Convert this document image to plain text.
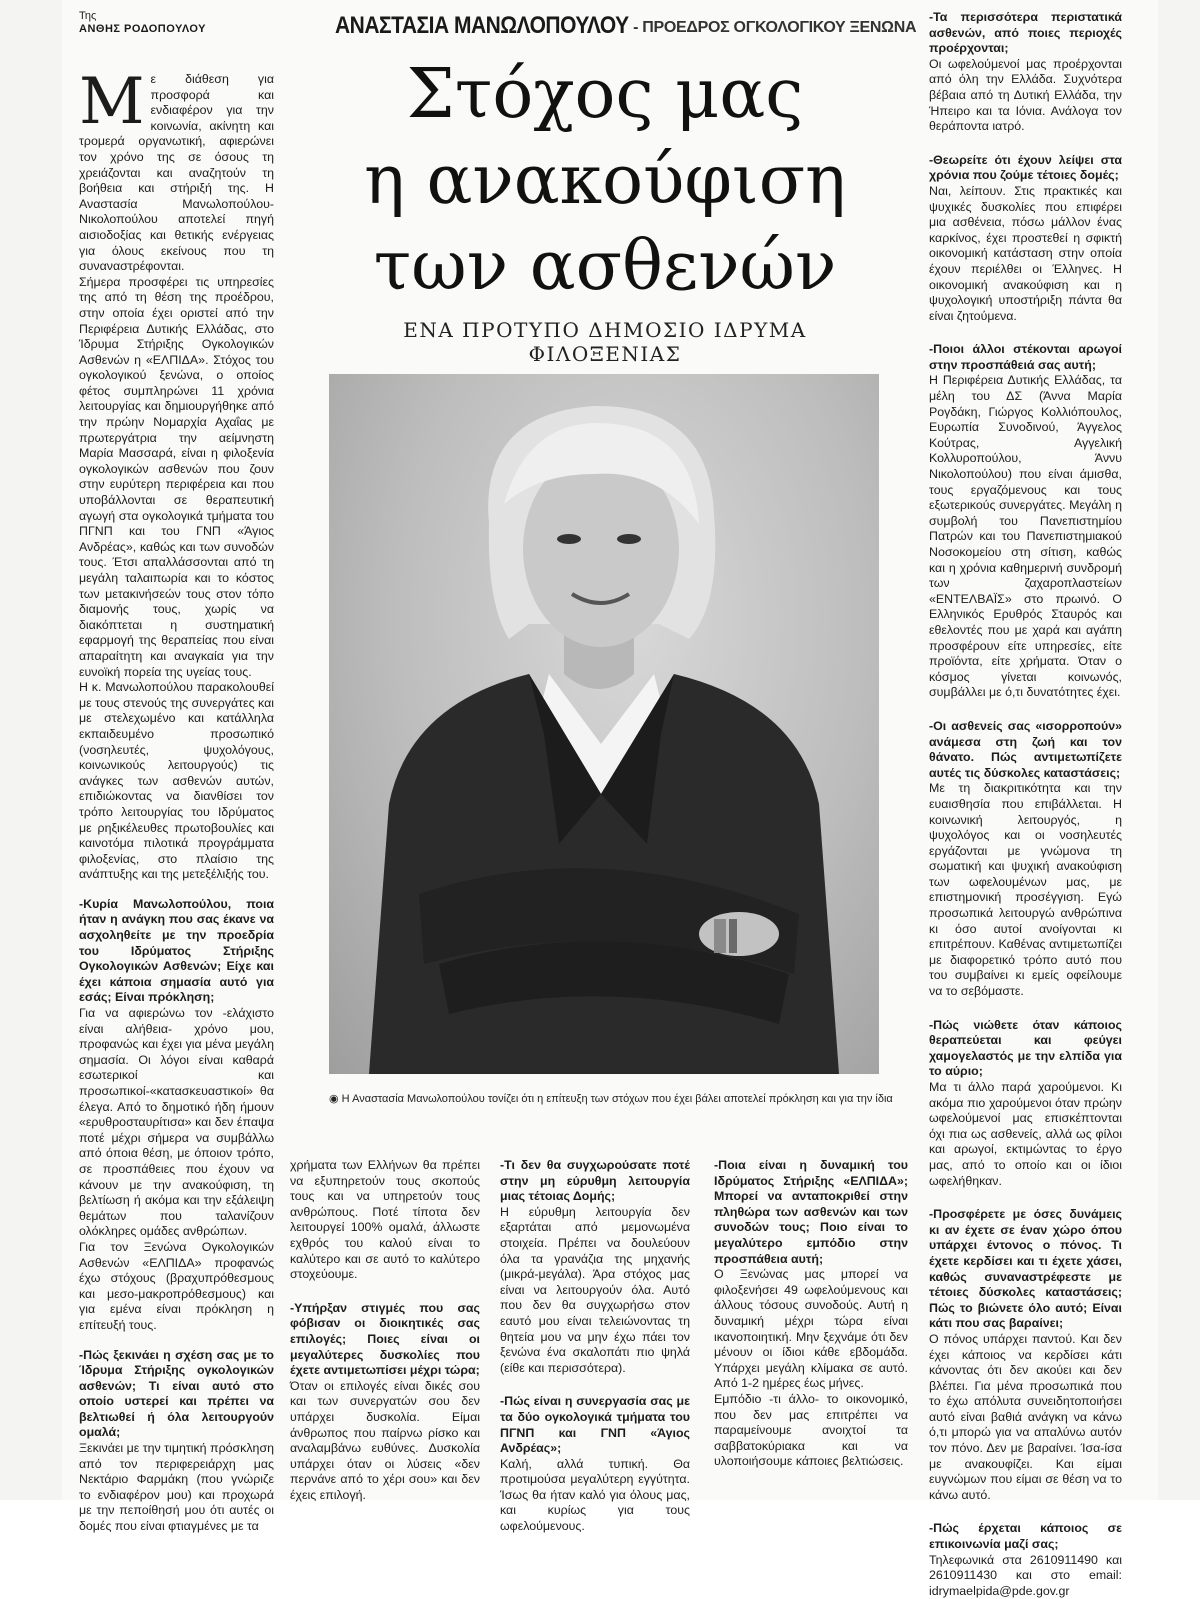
Της
ΑΝΘΗΣ ΡΟΔΟΠΟΥΛΟΥ	ΑΝΑΣΤΑΣΙΑ ΜΑΝΩΛΟΠΟΥΛΟΥ - ΠΡΟΕΔΡΟΣ ΟΓΚΟΛΟΓΙΚΟΥ ΞΕΝΩΝΑ
Στόχος μας
η ανακούφιση
των ασθενών
ΕΝΑ ΠΡΟΤΥΠΟ ΔΗΜΟΣΙΟ ΙΔΡΥΜΑ ΦΙΛΟΞΕΝΙΑΣ
◉ Η Αναστασία Μανωλοπούλου τονίζει ότι η επίτευξη των στόχων που έχει βάλει αποτελεί πρόκληση και για την ίδια

Με διάθεση για προσφορά και ενδιαφέρον για την κοινωνία, ακίνητη και τρομερά οργανωτική, αφιερώνει τον χρόνο της σε όσους τη χρειάζονται και αναζητούν τη βοήθεια και στήριξή της. Η Αναστασία Μανωλοπούλου-Νικολοπούλου αποτελεί πηγή αισιοδοξίας και θετικής ενέργειας για όλους εκείνους που τη συναναστρέφονται.

Σήμερα προσφέρει τις υπηρεσίες της από τη θέση της προέδρου, στην οποία έχει οριστεί από την Περιφέρεια Δυτικής Ελλάδας, στο Ίδρυμα Στήριξης Ογκολογικών Ασθενών η «ΕΛΠΙΔΑ». Στόχος του ογκολογικού ξενώνα, ο οποίος φέτος συμπληρώνει 11 χρόνια λειτουργίας και δημιουργήθηκε από την πρώην Νομαρχία Αχαΐας με πρωτεργάτρια την αείμνηστη Μαρία Μασσαρά, είναι η φιλοξενία ογκολογικών ασθενών που ζουν στην ευρύτερη περιφέρεια και που υποβάλλονται σε θεραπευτική αγωγή στα ογκολογικά τμήματα του ΠΓΝΠ και του ΓΝΠ «Άγιος Ανδρέας», καθώς και των συνοδών τους. Έτσι απαλλάσσονται από τη μεγάλη ταλαιπωρία και το κόστος των μετακινήσεών τους στον τόπο διαμονής τους, χωρίς να διακόπτεται η συστηματική εφαρμογή της θεραπείας που είναι απαραίτητη και αναγκαία για την ευνοϊκή πορεία της υγείας τους.

Η κ. Μανωλοπούλου παρακολουθεί με τους στενούς της συνεργάτες και με στελεχωμένο και κατάλληλα εκπαιδευμένο προσωπικό (νοσηλευτές, ψυχολόγους, κοινωνικούς λειτουργούς) τις ανάγκες των ασθενών αυτών, επιδιώκοντας να διανθίσει τον τρόπο λειτουργίας του Ιδρύματος με ρηξικέλευθες πρωτοβουλίες και καινοτόμα πιλοτικά προγράμματα φιλοξενίας, στο πλαίσιο της ανάπτυξης και της μετεξέλιξής του.

-Κυρία Μανωλοπούλου, ποια ήταν η ανάγκη που σας έκανε να ασχοληθείτε με την προεδρία του Ιδρύματος Στήριξης Ογκολογικών Ασθενών; Είχε και έχει κάποια σημασία αυτό για εσάς; Είναι πρόκληση;

Για να αφιερώνω τον -ελάχιστο είναι αλήθεια- χρόνο μου, προφανώς και έχει για μένα μεγάλη σημασία. Οι λόγοι είναι καθαρά εσωτερικοί και προσωπικοί-«κατασκευαστικοί» θα έλεγα. Από το δημοτικό ήδη ήμουν «ερυθροσταυρίτισα» και δεν έπαψα ποτέ μέχρι σήμερα να συμβάλλω από όποια θέση, με όποιον τρόπο, σε προσπάθειες που έχουν να κάνουν με την ανακούφιση, τη βελτίωση ή ακόμα και την εξάλειψη θεμάτων που ταλανίζουν ολόκληρες ομάδες ανθρώπων.

Για τον Ξενώνα Ογκολογικών Ασθενών «ΕΛΠΙΔΑ» προφανώς έχω στόχους (βραχυπρόθεσμους και μεσο-μακροπρόθεσμους) και για εμένα είναι πρόκληση η επίτευξή τους.

-Πώς ξεκινάει η σχέση σας με το Ίδρυμα Στήριξης ογκολογικών ασθενών; Τι είναι αυτό στο οποίο υστερεί και πρέπει να βελτιωθεί ή όλα λειτουργούν ομαλά;

Ξεκινάει με την τιμητική πρόσκληση από τον περιφερειάρχη μας Νεκτάριο Φαρμάκη (που γνώριζε το ενδιαφέρον μου) και προχωρά με την πεποίθησή μου ότι αυτές οι δομές που είναι φτιαγμένες με τα

χρήματα των Ελλήνων θα πρέπει να εξυπηρετούν τους σκοπούς τους και να υπηρετούν τους ανθρώπους. Ποτέ τίποτα δεν λειτουργεί 100% ομαλά, άλλωστε εχθρός του καλού είναι το καλύτερο και σε αυτό το καλύτερο στοχεύουμε.

-Υπήρξαν στιγμές που σας φόβισαν οι διοικητικές σας επιλογές; Ποιες είναι οι μεγαλύτερες δυσκολίες που έχετε αντιμετωπίσει μέχρι τώρα;

Όταν οι επιλογές είναι δικές σου και των συνεργατών σου δεν υπάρχει δυσκολία. Είμαι άνθρωπος που παίρνω ρίσκο και αναλαμβάνω ευθύνες. Δυσκολία υπάρχει όταν οι λύσεις «δεν περνάνε από το χέρι σου» και δεν έχεις επιλογή.

-Τι δεν θα συγχωρούσατε ποτέ στην μη εύρυθμη λειτουργία μιας τέτοιας Δομής;

Η εύρυθμη λειτουργία δεν εξαρτάται από μεμονωμένα στοιχεία. Πρέπει να δουλεύουν όλα τα γρανάζια της μηχανής (μικρά-μεγάλα). Άρα στόχος μας είναι να λειτουργούν όλα. Αυτό που δεν θα συγχωρήσω στον εαυτό μου είναι τελειώνοντας τη θητεία μου να μην έχω πάει τον ξενώνα ένα σκαλοπάτι πιο ψηλά (είθε και περισσότερα).

-Πώς είναι η συνεργασία σας με τα δύο ογκολογικά τμήματα του ΠΓΝΠ και ΓΝΠ «Άγιος Ανδρέας»;

Καλή, αλλά τυπική. Θα προτιμούσα μεγαλύτερη εγγύτητα. Ίσως θα ήταν καλό για όλους μας, και κυρίως για τους ωφελούμενους.

-Ποια είναι η δυναμική του Ιδρύματος Στήριξης «ΕΛΠΙΔΑ»; Μπορεί να ανταποκριθεί στην πληθώρα των ασθενών και των συνοδών τους; Ποιο είναι το μεγαλύτερο εμπόδιο στην προσπάθεια αυτή;

Ο Ξενώνας μας μπορεί να φιλοξενήσει 49 ωφελούμενους και άλλους τόσους συνοδούς. Αυτή η δυναμική μέχρι τώρα είναι ικανοποιητική. Μην ξεχνάμε ότι δεν μένουν οι ίδιοι κάθε εβδομάδα. Υπάρχει μεγάλη κλίμακα σε αυτό. Από 1-2 ημέρες έως μήνες.

Εμπόδιο -τι άλλο- το οικονομικό, που δεν μας επιτρέπει να παραμείνουμε ανοιχτοί τα σαββατοκύριακα και να υλοποιήσουμε κάποιες βελτιώσεις.

-Τα περισσότερα περιστατικά ασθενών, από ποιες περιοχές προέρχονται;

Οι ωφελούμενοί μας προέρχονται από όλη την Ελλάδα. Συχνότερα βέβαια από τη Δυτική Ελλάδα, την Ήπειρο και τα Ιόνια. Ανάλογα τον θεράποντα ιατρό.

-Θεωρείτε ότι έχουν λείψει στα χρόνια που ζούμε τέτοιες δομές;

Ναι, λείπουν. Στις πρακτικές και ψυχικές δυσκολίες που επιφέρει μια ασθένεια, πόσω μάλλον ένας καρκίνος, έχει προστεθεί η σφικτή οικονομική κατάσταση στην οποία έχουν περιέλθει οι Έλληνες. Η οικονομική ανακούφιση και η ψυχολογική υποστήριξη πάντα θα είναι ζητούμενα.

-Ποιοι άλλοι στέκονται αρωγοί στην προσπάθειά σας αυτή;

Η Περιφέρεια Δυτικής Ελλάδας, τα μέλη του ΔΣ (Άννα Μαρία Ρογδάκη, Γιώργος Κολλιόπουλος, Ευρωπία Συνοδινού, Άγγελος Κούτρας, Αγγελική Κολλυροπούλου, Άννυ Νικολοπούλου) που είναι άμισθα, τους εργαζόμενους και τους εξωτερικούς συνεργάτες. Μεγάλη η συμβολή του Πανεπιστημίου Πατρών και του Πανεπιστημιακού Νοσοκομείου στη σίτιση, καθώς και η χρόνια καθημερινή συνδρομή των ζαχαροπλαστείων «ΕΝΤΕΛΒΑΪΣ» στο πρωινό. Ο Ελληνικός Ερυθρός Σταυρός και εθελοντές που με χαρά και αγάπη προσφέρουν είτε υπηρεσίες, είτε προϊόντα, είτε χρήματα. Όταν ο κόσμος γίνεται κοινωνός, συμβάλλει με ό,τι δυνατότητες έχει.

-Οι ασθενείς σας «ισορροπούν» ανάμεσα στη ζωή και τον θάνατο. Πώς αντιμετωπίζετε αυτές τις δύσκολες καταστάσεις;

Με τη διακριτικότητα και την ευαισθησία που επιβάλλεται. Η κοινωνική λειτουργός, η ψυχολόγος και οι νοσηλευτές εργάζονται με γνώμονα τη σωματική και ψυχική ανακούφιση των ωφελουμένων μας, με επιστημονική προσέγγιση. Εγώ προσωπικά λειτουργώ ανθρώπινα κι όσο αυτοί ανοίγονται κι επιτρέπουν. Καθένας αντιμετωπίζει με διαφορετικό τρόπο αυτό που του συμβαίνει κι εμείς οφείλουμε να το σεβόμαστε.

-Πώς νιώθετε όταν κάποιος θεραπεύεται και φεύγει χαμογελαστός με την ελπίδα για το αύριο;

Μα τι άλλο παρά χαρούμενοι. Κι ακόμα πιο χαρούμενοι όταν πρώην ωφελούμενοί μας επισκέπτονται όχι πια ως ασθενείς, αλλά ως φίλοι και αρωγοί, εκτιμώντας το έργο μας, από το οποίο και οι ίδιοι ωφελήθηκαν.

-Προσφέρετε με όσες δυνάμεις κι αν έχετε σε έναν χώρο όπου υπάρχει έντονος ο πόνος. Τι έχετε κερδίσει και τι έχετε χάσει, καθώς συναναστρέφεστε με τέτοιες δύσκολες καταστάσεις; Πώς το βιώνετε όλο αυτό; Είναι κάτι που σας βαραίνει;

Ο πόνος υπάρχει παντού. Και δεν έχει κάποιος να κερδίσει κάτι κάνοντας ότι δεν ακούει και δεν βλέπει. Για μένα προσωπικά που το έχω απόλυτα συνειδητοποιήσει αυτό είναι βαθιά ανάγκη να κάνω ό,τι μπορώ για να απαλύνω αυτόν τον πόνο. Δεν με βαραίνει. Ίσα-ίσα με ανακουφίζει. Και είμαι ευγνώμων που είμαι σε θέση να το κάνω αυτό.

-Πώς έρχεται κάποιος σε επικοινωνία μαζί σας;

Τηλεφωνικά στα 2610911490 και 2610911430 και στο email: idrymaelpida@pde.gov.gr
